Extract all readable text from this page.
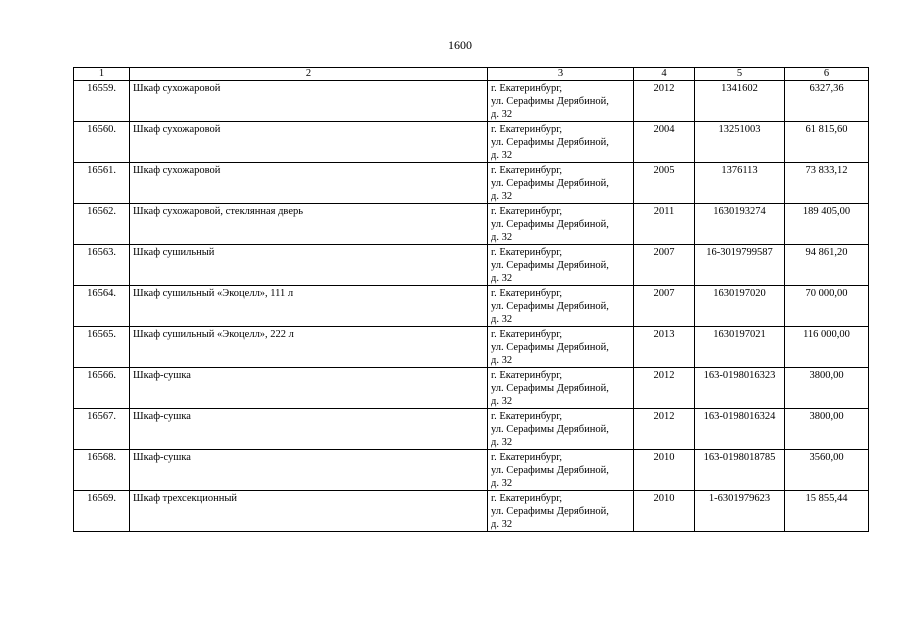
1600
1	2	3	4	5	6
16559.	Шкаф сухожаровой	г. Екатеринбург,
ул. Серафимы Дерябиной,
д. 32	2012	1341602	6327,36
16560.	Шкаф сухожаровой	г. Екатеринбург,
ул. Серафимы Дерябиной,
д. 32	2004	13251003	61 815,60
16561.	Шкаф сухожаровой	г. Екатеринбург,
ул. Серафимы Дерябиной,
д. 32	2005	1376113	73 833,12
16562.	Шкаф сухожаровой, стеклянная дверь	г. Екатеринбург,
ул. Серафимы Дерябиной,
д. 32	2011	1630193274	189 405,00
16563.	Шкаф сушильный	г. Екатеринбург,
ул. Серафимы Дерябиной,
д. 32	2007	16-3019799587	94 861,20
16564.	Шкаф сушильный «Экоцелл», 111 л	г. Екатеринбург,
ул. Серафимы Дерябиной,
д. 32	2007	1630197020	70 000,00
16565.	Шкаф сушильный «Экоцелл», 222 л	г. Екатеринбург,
ул. Серафимы Дерябиной,
д. 32	2013	1630197021	116 000,00
16566.	Шкаф-сушка	г. Екатеринбург,
ул. Серафимы Дерябиной,
д. 32	2012	163-0198016323	3800,00
16567.	Шкаф-сушка	г. Екатеринбург,
ул. Серафимы Дерябиной,
д. 32	2012	163-0198016324	3800,00
16568.	Шкаф-сушка	г. Екатеринбург,
ул. Серафимы Дерябиной,
д. 32	2010	163-0198018785	3560,00
16569.	Шкаф трехсекционный	г. Екатеринбург,
ул. Серафимы Дерябиной,
д. 32	2010	1-6301979623	15 855,44
